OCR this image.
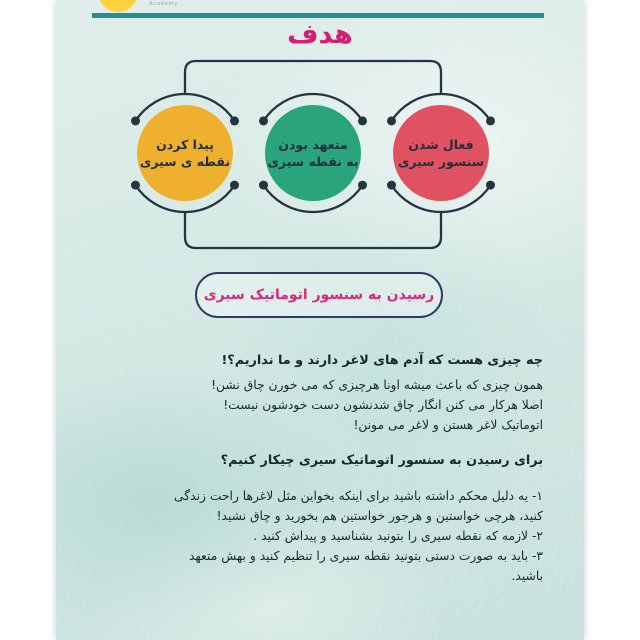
Academy
هدف
فعال شدن
سنسور سیری
متعهد بودن
به نقطه سیری
پیدا کردن
نقطه ی سیری
رسیدن به سنسور اتوماتیک سیری
چه چیزی هست که آدم های لاغر دارند و ما نداریم؟!
همون چیزی که باعث میشه اونا هرچیزی که می خورن چاق نشن!
اصلا هرکار می کنن انگار چاق شدنشون دست خودشون نیست!
اتوماتیک لاغر هستن و لاغر می مونن!
برای رسیدن به سنسور اتوماتیک سیری چیکار کنیم؟
۱- یه دلیل محکم داشته باشید برای اینکه بخواین مثل لاغرها راحت زندگی
کنید، هرچی خواستین و هرجور خواستین هم بخورید و چاق نشید!
۲- لازمه که نقطه سیری را بتونید بشناسید و پیداش کنید .
۳- باید به صورت دستی بتونید نقطه سیری را تنظیم کنید و بهش متعهد
باشید.
